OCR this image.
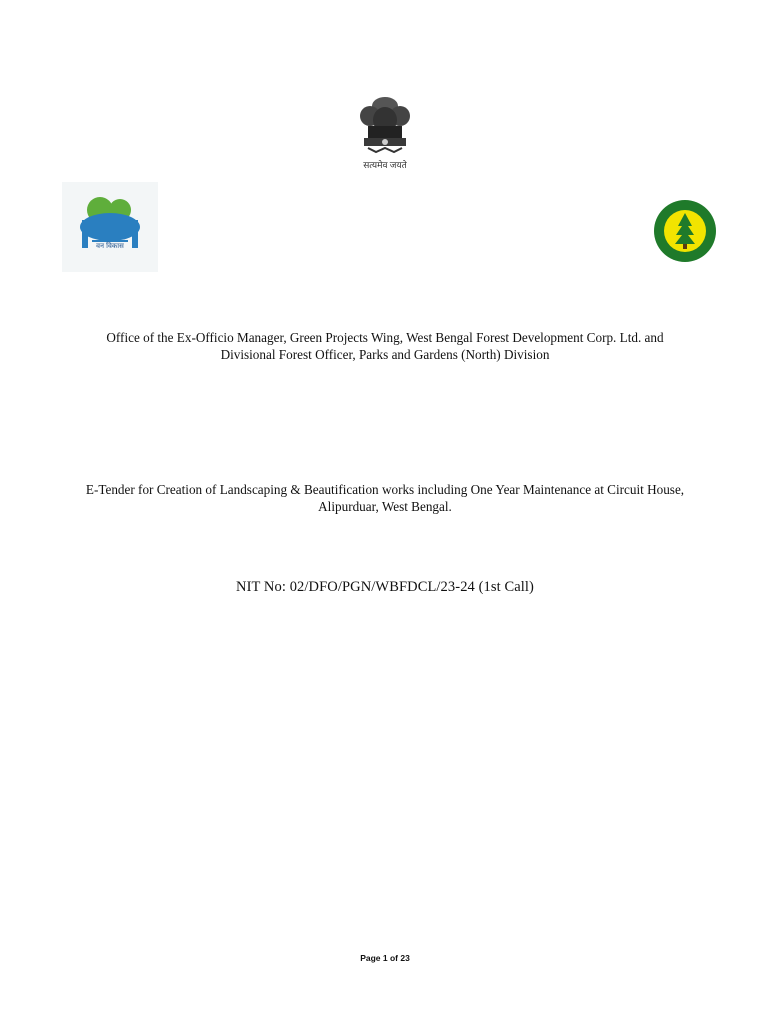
सत्यमेव जयते
वन विकास
Office of the Ex-Officio Manager, Green Projects Wing, West Bengal Forest Development Corp. Ltd. and
Divisional Forest Officer, Parks and Gardens (North) Division
E-Tender for Creation of Landscaping & Beautification works including One Year Maintenance at Circuit House,
Alipurduar, West Bengal.
NIT No: 02/DFO/PGN/WBFDCL/23-24 (1st Call)
Page 1 of 23
